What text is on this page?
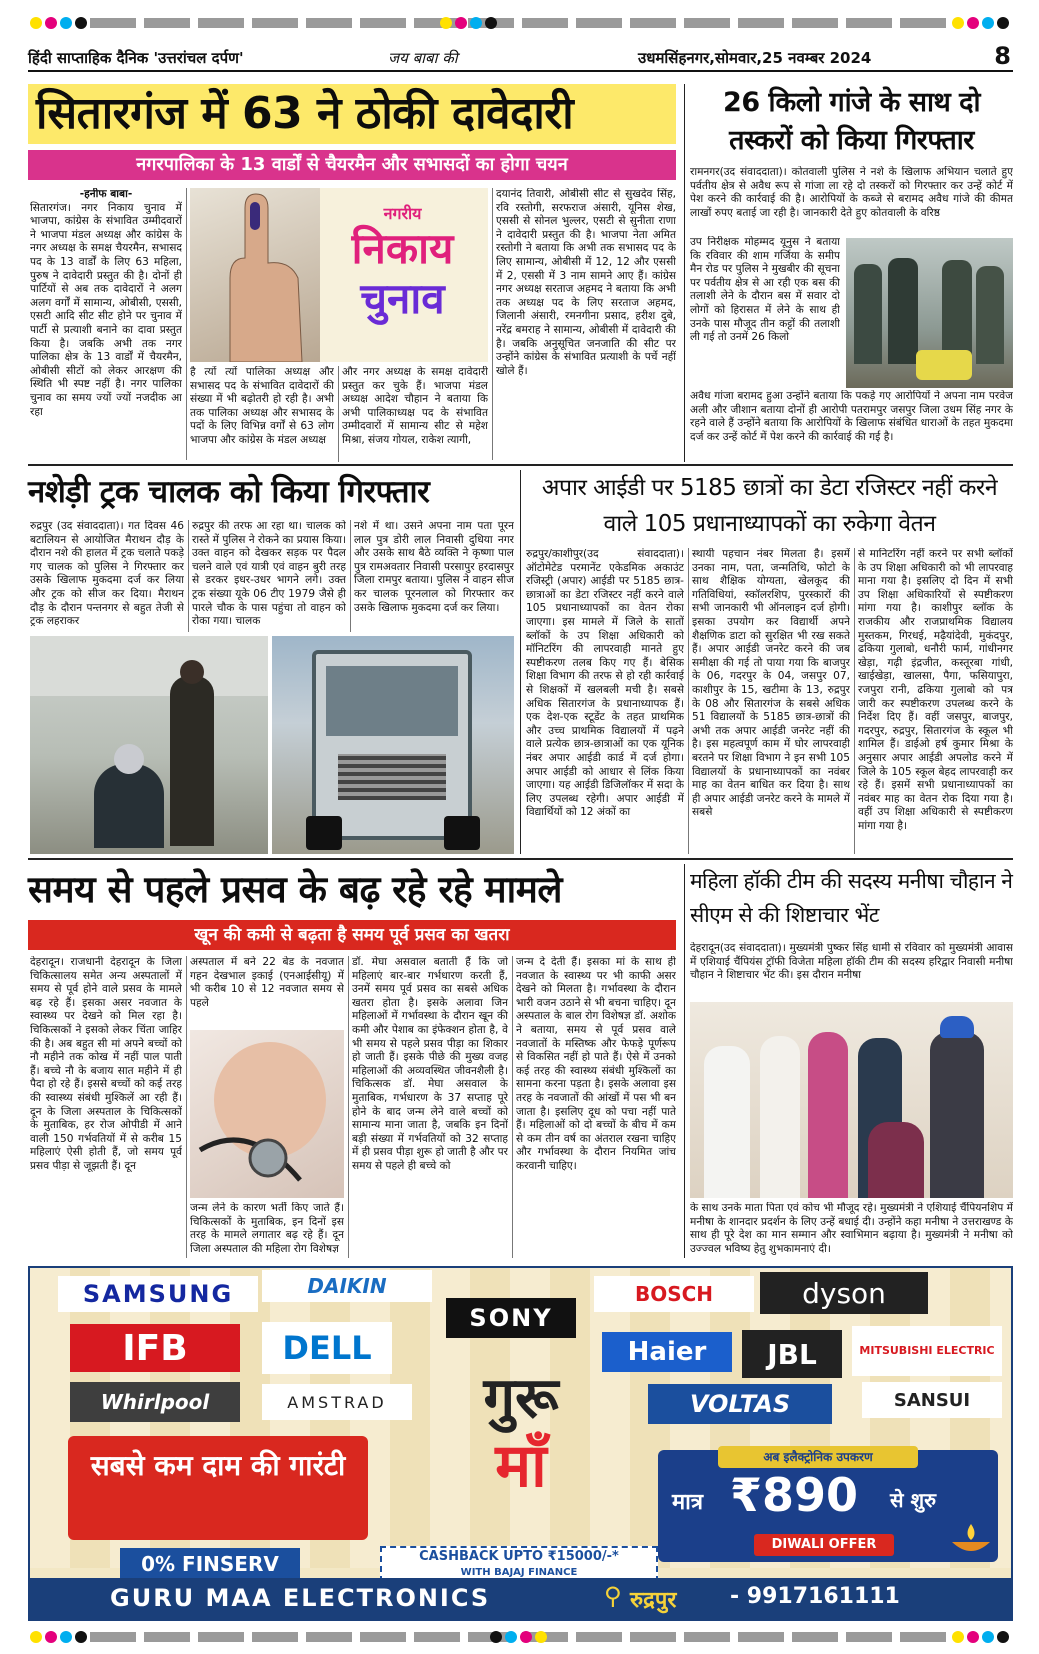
हिंदी साप्ताहिक दैनिक 'उत्तरांचल दर्पण'	जय बाबा की	उधमसिंहनगर,सोमवार,25 नवम्बर 2024	8
सितारगंज में 63 ने ठोकी दावेदारी
नगरपालिका के 13 वार्डों से चैयरमैन और सभासदों का होगा चयन
-हनीफ बाबा-
सितारगंज। नगर निकाय चुनाव में भाजपा, कांग्रेस के संभावित उम्मीदवारों ने भाजपा मंडल अध्यक्ष और कांग्रेस के नगर अध्यक्ष के समक्ष चैयरमैन, सभासद पद के 13 वार्डों के लिए 63 महिला, पुरुष ने दावेदारी प्रस्तुत की है। दोनों ही पार्टियों से अब तक दावेदारों ने अलग अलग वर्गों में सामान्य, ओबीसी, एससी, एसटी आदि सीट सीट होने पर चुनाव में पार्टी से प्रत्याशी बनाने का दावा प्रस्तुत किया है। जबकि अभी तक नगर पालिका क्षेत्र के 13 वार्डों में चैयरमैन, ओबीसी सीटों को लेकर आरक्षण की स्थिति भी स्पष्ट नहीं है। नगर पालिका चुनाव का समय ज्यों ज्यों नजदीक आ रहा
नगरीय
निकाय
चुनाव
है त्यों त्यों पालिका अध्यक्ष और सभासद पद के संभावित दावेदारों की संख्या में भी बढ़ोतरी हो रही है। अभी तक पालिका अध्यक्ष और सभासद के पदों के लिए विभिन्न वर्गों से 63 लोग भाजपा और कांग्रेस के मंडल अध्यक्ष
और नगर अध्यक्ष के समक्ष दावेदारी प्रस्तुत कर चुके हैं। भाजपा मंडल अध्यक्ष आदेश चौहान ने बताया कि अभी पालिकाध्यक्ष पद के संभावित उम्मीदवारों में सामान्य सीट से महेश मिश्रा, संजय गोयल, राकेश त्यागी,
दयानंद तिवारी, ओबीसी सीट से सुखदेव सिंह, रवि रस्तोगी, सरफराज अंसारी, यूनिस शेख, एससी से सोनल भुल्लर, एसटी से सुनीता राणा ने दावेदारी प्रस्तुत की है। भाजपा नेता अमित रस्तोगी ने बताया कि अभी तक सभासद पद के लिए सामान्य, ओबीसी में 12, 12 और एससी में 2, एससी में 3 नाम सामने आए हैं। कांग्रेस नगर अध्यक्ष सरताज अहमद ने बताया कि अभी तक अध्यक्ष पद के लिए सरताज अहमद, जिलानी अंसारी, रमनगीना प्रसाद, हरीश दुबे, नरेंद्र बमराह ने सामान्य, ओबीसी में दावेदारी की है। जबकि अनुसूचित जनजाति की सीट पर उन्होंने कांग्रेस के संभावित प्रत्याशी के पर्चे नहीं खोले हैं।
26 किलो गांजे के साथ दो तस्करों को किया गिरफ्तार
रामनगर(उद संवाददाता)। कोतवाली पुलिस ने नशे के खिलाफ अभियान चलाते हुए पर्वतीय क्षेत्र से अवैध रूप से गांजा ला रहे दो तस्करों को गिरफ्तार कर उन्हें कोर्ट में पेश करने की कार्रवाई की है। आरोपियों के कब्जे से बरामद अवैध गांजे की कीमत लाखों रुपए बताई जा रही है। जानकारी देते हुए कोतवाली के वरिष्ठ
उप निरीक्षक मोहम्मद यूनुस ने बताया कि रविवार की शाम गर्जिया के समीप मैन रोड पर पुलिस ने मुखबीर की सूचना पर पर्वतीय क्षेत्र से आ रही एक बस की तलाशी लेने के दौरान बस में सवार दो लोगों को हिरासत में लेने के साथ ही उनके पास मौजूद तीन कट्टों की तलाशी ली गई तो उनमें 26 किलो
अवैध गांजा बरामद हुआ उन्होंने बताया कि पकड़े गए आरोपियों ने अपना नाम परवेज अली और जीशान बताया दोनों ही आरोपी पतरामपुर जसपुर जिला उधम सिंह नगर के रहने वाले हैं उन्होंने बताया कि आरोपियों के खिलाफ संबंधित धाराओं के तहत मुकदमा दर्ज कर उन्हें कोर्ट में पेश करने की कार्रवाई की गई है।
नशेड़ी ट्रक चालक को किया गिरफ्तार
रुद्रपुर (उद संवाददाता)। गत दिवस 46 बटालियन से आयोजित मैराथन दौड़ के दौरान नशे की हालत में ट्रक चलाते पकड़े गए चालक को पुलिस ने गिरफ्तार कर उसके खिलाफ मुकदमा दर्ज कर लिया और ट्रक को सीज कर दिया। मैराथन दौड़ के दौरान पन्तनगर से बहुत तेजी से ट्रक लहराकर
रुद्रपुर की तरफ आ रहा था। चालक को रास्ते में पुलिस ने रोकने का प्रयास किया। उक्त वाहन को देखकर सड़क पर पैदल चलने वाले एवं यात्री एवं वाहन बुरी तरह से डरकर इधर-उधर भागने लगे। उक्त ट्रक संख्या यूके 06 टीए 1979 जैसे ही पारले चौक के पास पहुंचा तो वाहन को रोका गया। चालक
नशे में था। उसने अपना नाम पता पूरन लाल पुत्र डोरी लाल निवासी दुधिया नगर और उसके साथ बैठे व्यक्ति ने कृष्णा पाल पुत्र रामअवतार निवासी परसापुर हरदासपुर जिला रामपुर बताया। पुलिस ने वाहन सीज कर चालक पूरनलाल को गिरफ्तार कर उसके खिलाफ मुकदमा दर्ज कर लिया।
अपार आईडी पर 5185 छात्रों का डेटा रजिस्टर नहीं करने वाले 105 प्रधानाध्यापकों का रुकेगा वेतन
रुद्रपुर/काशीपुर(उद संवाददाता)। ऑटोमेटेड परमानेंट एकेडमिक अकाउंट रजिस्ट्री (अपार) आईडी पर 5185 छात्र-छात्राओं का डेटा रजिस्टर नहीं करने वाले 105 प्रधानाध्यापकों का वेतन रोका जाएगा। इस मामले में जिले के सातों ब्लॉकों के उप शिक्षा अधिकारी को मॉनिटरिंग की लापरवाही मानते हुए स्पष्टीकरण तलब किए गए हैं। बेसिक शिक्षा विभाग की तरफ से हो रही कार्रवाई से शिक्षकों में खलबली मची है। सबसे अधिक सितारगंज के प्रधानाध्यापक हैं। एक देश-एक स्टूडेंट के तहत प्राथमिक और उच्च प्राथमिक विद्यालयों में पढ़ने वाले प्रत्येक छात्र-छात्राओं का एक यूनिक नंबर अपार आईडी कार्ड में दर्ज होगा। अपार आईडी को आधार से लिंक किया जाएगा। यह आईडी डिजिलॉकर में सदा के लिए उपलब्ध रहेगी। अपार आईडी में विद्यार्थियों को 12 अंकों का
स्थायी पहचान नंबर मिलता है। इसमें उनका नाम, पता, जन्मतिथि, फोटो के साथ शैक्षिक योग्यता, खेलकूद की गतिविधियां, स्कॉलरशिप, पुरस्कारों की सभी जानकारी भी ऑनलाइन दर्ज होगी। इसका उपयोग कर विद्यार्थी अपने शैक्षणिक डाटा को सुरक्षित भी रख सकते हैं। अपार आईडी जनरेट करने की जब समीक्षा की गई तो पाया गया कि बाजपुर के 06, गदरपुर के 04, जसपुर 07, काशीपुर के 15, खटीमा के 13, रुद्रपुर के 08 और सितारगंज के सबसे अधिक 51 विद्यालयों के 5185 छात्र-छात्रों की अभी तक अपार आईडी जनरेट नहीं की है। इस महत्वपूर्ण काम में घोर लापरवाही बरतने पर शिक्षा विभाग ने इन सभी 105 विद्यालयों के प्रधानाध्यापकों का नवंबर माह का वेतन बाधित कर दिया है। साथ ही अपार आईडी जनरेट करने के मामले में सबसे
से मानिटरिंग नहीं करने पर सभी ब्लॉकों के उप शिक्षा अधिकारी को भी लापरवाह माना गया है। इसलिए दो दिन में सभी उप शिक्षा अधिकारियों से स्पष्टीकरण मांगा गया है। काशीपुर ब्लॉक के राजकीय और राजप्राथमिक विद्यालय मुस्तकम, गिरधई, मढ़ैयांदेवी, मुकंदपुर, ढकिया गुलाबो, धनौरी फार्म, गांधीनगर खेड़ा, गढ़ी इंद्रजीत, कस्तूरबा गांधी, खाईखेड़ा, खालसा, पैगा, फसियापुरा, रजपुरा रानी, ढकिया गुलाबो को पत्र जारी कर स्पष्टीकरण उपलब्ध करने के निर्देश दिए हैं। वहीं जसपुर, बाजपुर, गदरपुर, रुद्रपुर, सितारगंज के स्कूल भी शामिल हैं। डाईओ हर्ष कुमार मिश्रा के अनुसार अपार आईडी अपलोड करने में जिले के 105 स्कूल बेहद लापरवाही कर रहे हैं। इसमें सभी प्रधानाध्यापकों का नवंबर माह का वेतन रोक दिया गया है। वहीं उप शिक्षा अधिकारी से स्पष्टीकरण मांगा गया है।
समय से पहले प्रसव के बढ़ रहे रहे मामले
खून की कमी से बढ़ता है समय पूर्व प्रसव का खतरा
देहरादून। राजधानी देहरादून के जिला चिकित्सालय समेत अन्य अस्पतालों में समय से पूर्व होने वाले प्रसव के मामले बढ़ रहे हैं। इसका असर नवजात के स्वास्थ्य पर देखने को मिल रहा है। चिकित्सकों ने इसको लेकर चिंता जाहिर की है। अब बहुत सी मां अपने बच्चों को नौ महीने तक कोख में नहीं पाल पाती हैं। बच्चे नौ के बजाय सात महीने में ही पैदा हो रहे हैं। इससे बच्चों को कई तरह की स्वास्थ्य संबंधी मुश्किलें आ रही हैं। दून के जिला अस्पताल के चिकित्सकों के मुताबिक, हर रोज ओपीडी में आने वाली 150 गर्भवतियों में से करीब 15 महिलाएं ऐसी होती हैं, जो समय पूर्व प्रसव पीड़ा से जूझती हैं। दून
अस्पताल में बने 22 बेड के नवजात गहन देखभाल इकाई (एनआईसीयू) में भी करीब 10 से 12 नवजात समय से पहले
जन्म लेने के कारण भर्ती किए जाते हैं। चिकित्सकों के मुताबिक, इन दिनों इस तरह के मामले लगातार बढ़ रहे हैं। दून जिला अस्पताल की महिला रोग विशेषज्ञ
डॉ. मेघा असवाल बताती हैं कि जो महिलाएं बार-बार गर्भधारण करती हैं, उनमें समय पूर्व प्रसव का सबसे अधिक खतरा होता है। इसके अलावा जिन महिलाओं में गर्भावस्था के दौरान खून की कमी और पेशाब का इंफेक्शन होता है, वे भी समय से पहले प्रसव पीड़ा का शिकार हो जाती हैं। इसके पीछे की मुख्य वजह महिलाओं की अव्यवस्थित जीवनशैली है। चिकित्सक डॉ. मेघा असवाल के मुताबिक, गर्भधारण के 37 सप्ताह पूरे होने के बाद जन्म लेने वाले बच्चों को सामान्य माना जाता है, जबकि इन दिनों बड़ी संख्या में गर्भवतियों को 32 सप्ताह में ही प्रसव पीड़ा शुरू हो जाती है और पर समय से पहले ही बच्चे को
जन्म दे देती हैं। इसका मां के साथ ही नवजात के स्वास्थ्य पर भी काफी असर देखने को मिलता है। गर्भावस्था के दौरान भारी वजन उठाने से भी बचना चाहिए। दून अस्पताल के बाल रोग विशेषज्ञ डॉ. अशोक ने बताया, समय से पूर्व प्रसव वाले नवजातों के मस्तिष्क और फेफड़े पूर्णरूप से विकसित नहीं हो पाते हैं। ऐसे में उनको कई तरह की स्वास्थ्य संबंधी मुश्किलों का सामना करना पड़ता है। इसके अलावा इस तरह के नवजातों की आंखों में पस भी बन जाता है। इसलिए दूध को पचा नहीं पाते हैं। महिलाओं को दो बच्चों के बीच में कम से कम तीन वर्ष का अंतराल रखना चाहिए और गर्भावस्था के दौरान नियमित जांच करवानी चाहिए।
महिला हॉकी टीम की सदस्य मनीषा चौहान ने सीएम से की शिष्टाचार भेंट
देहरादून(उद संवाददाता)। मुख्यमंत्री पुष्कर सिंह धामी से रविवार को मुख्यमंत्री आवास में एशियाई चैंपियंस ट्रॉफी विजेता महिला हॉकी टीम की सदस्य हरिद्वार निवासी मनीषा चौहान ने शिष्टाचार भेंट की। इस दौरान मनीषा
के साथ उनके माता पिता एवं कोच भी मौजूद रहे। मुख्यमंत्री ने एशियाई चैंपियनशिप में मनीषा के शानदार प्रदर्शन के लिए उन्हें बधाई दी। उन्होंने कहा मनीषा ने उत्तराखण्ड के साथ ही पूरे देश का मान सम्मान और स्वाभिमान बढ़ाया है। मुख्यमंत्री ने मनीषा को उज्ज्वल भविष्य हेतु शुभकामनाएं दी।
SAMSUNG	DAIKIN
SONY
BOSCH	dyson
IFB	DELL	Haier	JBL	MITSUBISHI ELECTRIC
Whirlpool	AMSTRAD	VOLTAS	SANSUI
गुरू
माँ
सबसे कम दाम की गारंटी
0% FINSERV	CASHBACK UPTO ₹15000/-*
WITH BAJAJ FINANCE
अब इलैक्ट्रोनिक उपकरण
मात्र ₹890 से शुरु
DIWALI OFFER
GURU MAA ELECTRONICS	⚲ रुद्रपुर - 9917161111
